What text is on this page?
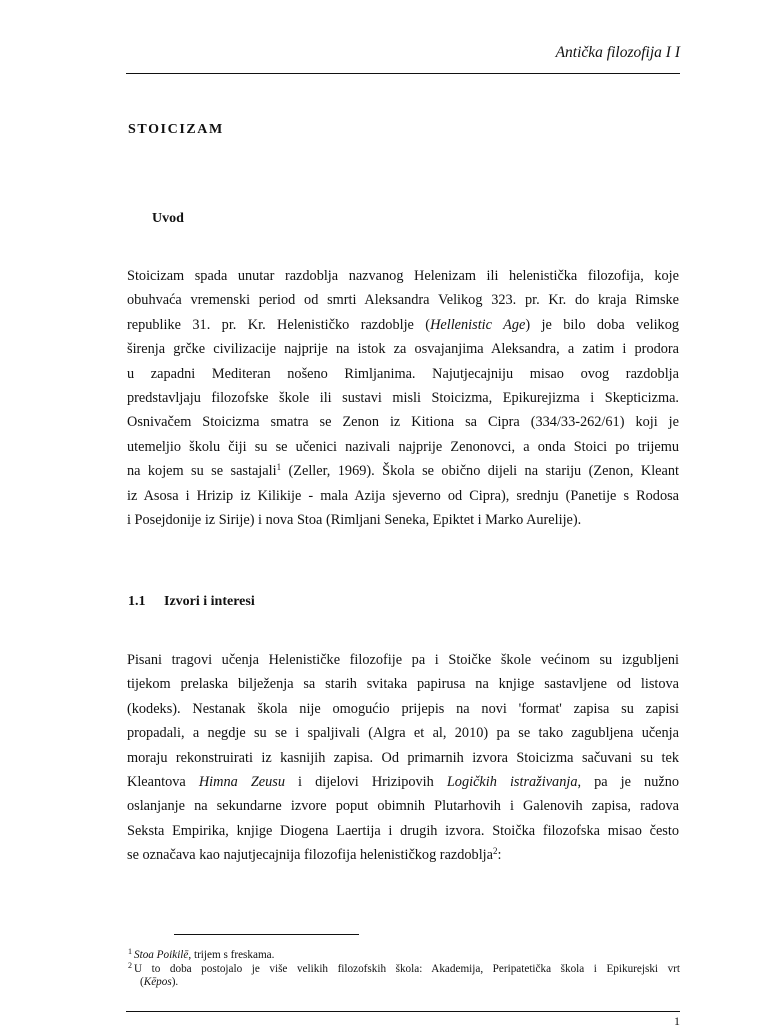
Antička filozofija I I
STOICIZAM
Uvod
Stoicizam spada unutar razdoblja nazvanog Helenizam ili helenistička filozofija, koje
obuhvaća vremenski period od smrti Aleksandra Velikog 323. pr. Kr. do kraja Rimske
republike 31. pr. Kr. Helenističko razdoblje (Hellenistic Age) je bilo doba velikog
širenja grčke civilizacije najprije na istok za osvajanjima Aleksandra, a zatim i prodora
u zapadni Mediteran nošeno Rimljanima. Najutjecajniju misao ovog razdoblja
predstavljaju filozofske škole ili sustavi misli Stoicizma, Epikurejizma i Skepticizma.
Osnivačem Stoicizma smatra se Zenon iz Kitiona sa Cipra (334/33-262/61) koji je
utemeljio školu čiji su se učenici nazivali najprije Zenonovci, a onda Stoici po trijemu
na kojem su se sastajali$^1$ (Zeller, 1969). Škola se obično dijeli na stariju (Zenon, Kleant
iz Asosa i Hrizip iz Kilikije - mala Azija sjeverno od Cipra), srednju (Panetije s Rodosa
i Posejdonije iz Sirije) i nova Stoa (Rimljani Seneka, Epiktet i Marko Aurelije).
1.1 Izvori i interesi
Pisani tragovi učenja Helenističke filozofije pa i Stoičke škole većinom su izgubljeni
tijekom prelaska bilježenja sa starih svitaka papirusa na knjige sastavljene od listova
(kodeks). Nestanak škola nije omogućio prijepis na novi 'format' zapisa su zapisi
propadali, a negdje su se i spaljivali (Algra et al, 2010) pa se tako zagubljena učenja
moraju rekonstruirati iz kasnijih zapisa. Od primarnih izvora Stoicizma sačuvani su tek
Kleantova Himna Zeusu i dijelovi Hrizipovih Logičkih istraživanja, pa je nužno
oslanjanje na sekundarne izvore poput obimnih Plutarhovih i Galenovih zapisa, radova
Seksta Empirika, knjige Diogena Laertija i drugih izvora. Stoička filozofska misao često
se označava kao najutjecajnija filozofija helenističkog razdoblja$^2$:
$^1$ Stoa Poikilē, trijem s freskama.
$^2$ U to doba postojalo je više velikih filozofskih škola: Akademija, Peripatetička škola i Epikurejski vrt
(Kēpos).
1
